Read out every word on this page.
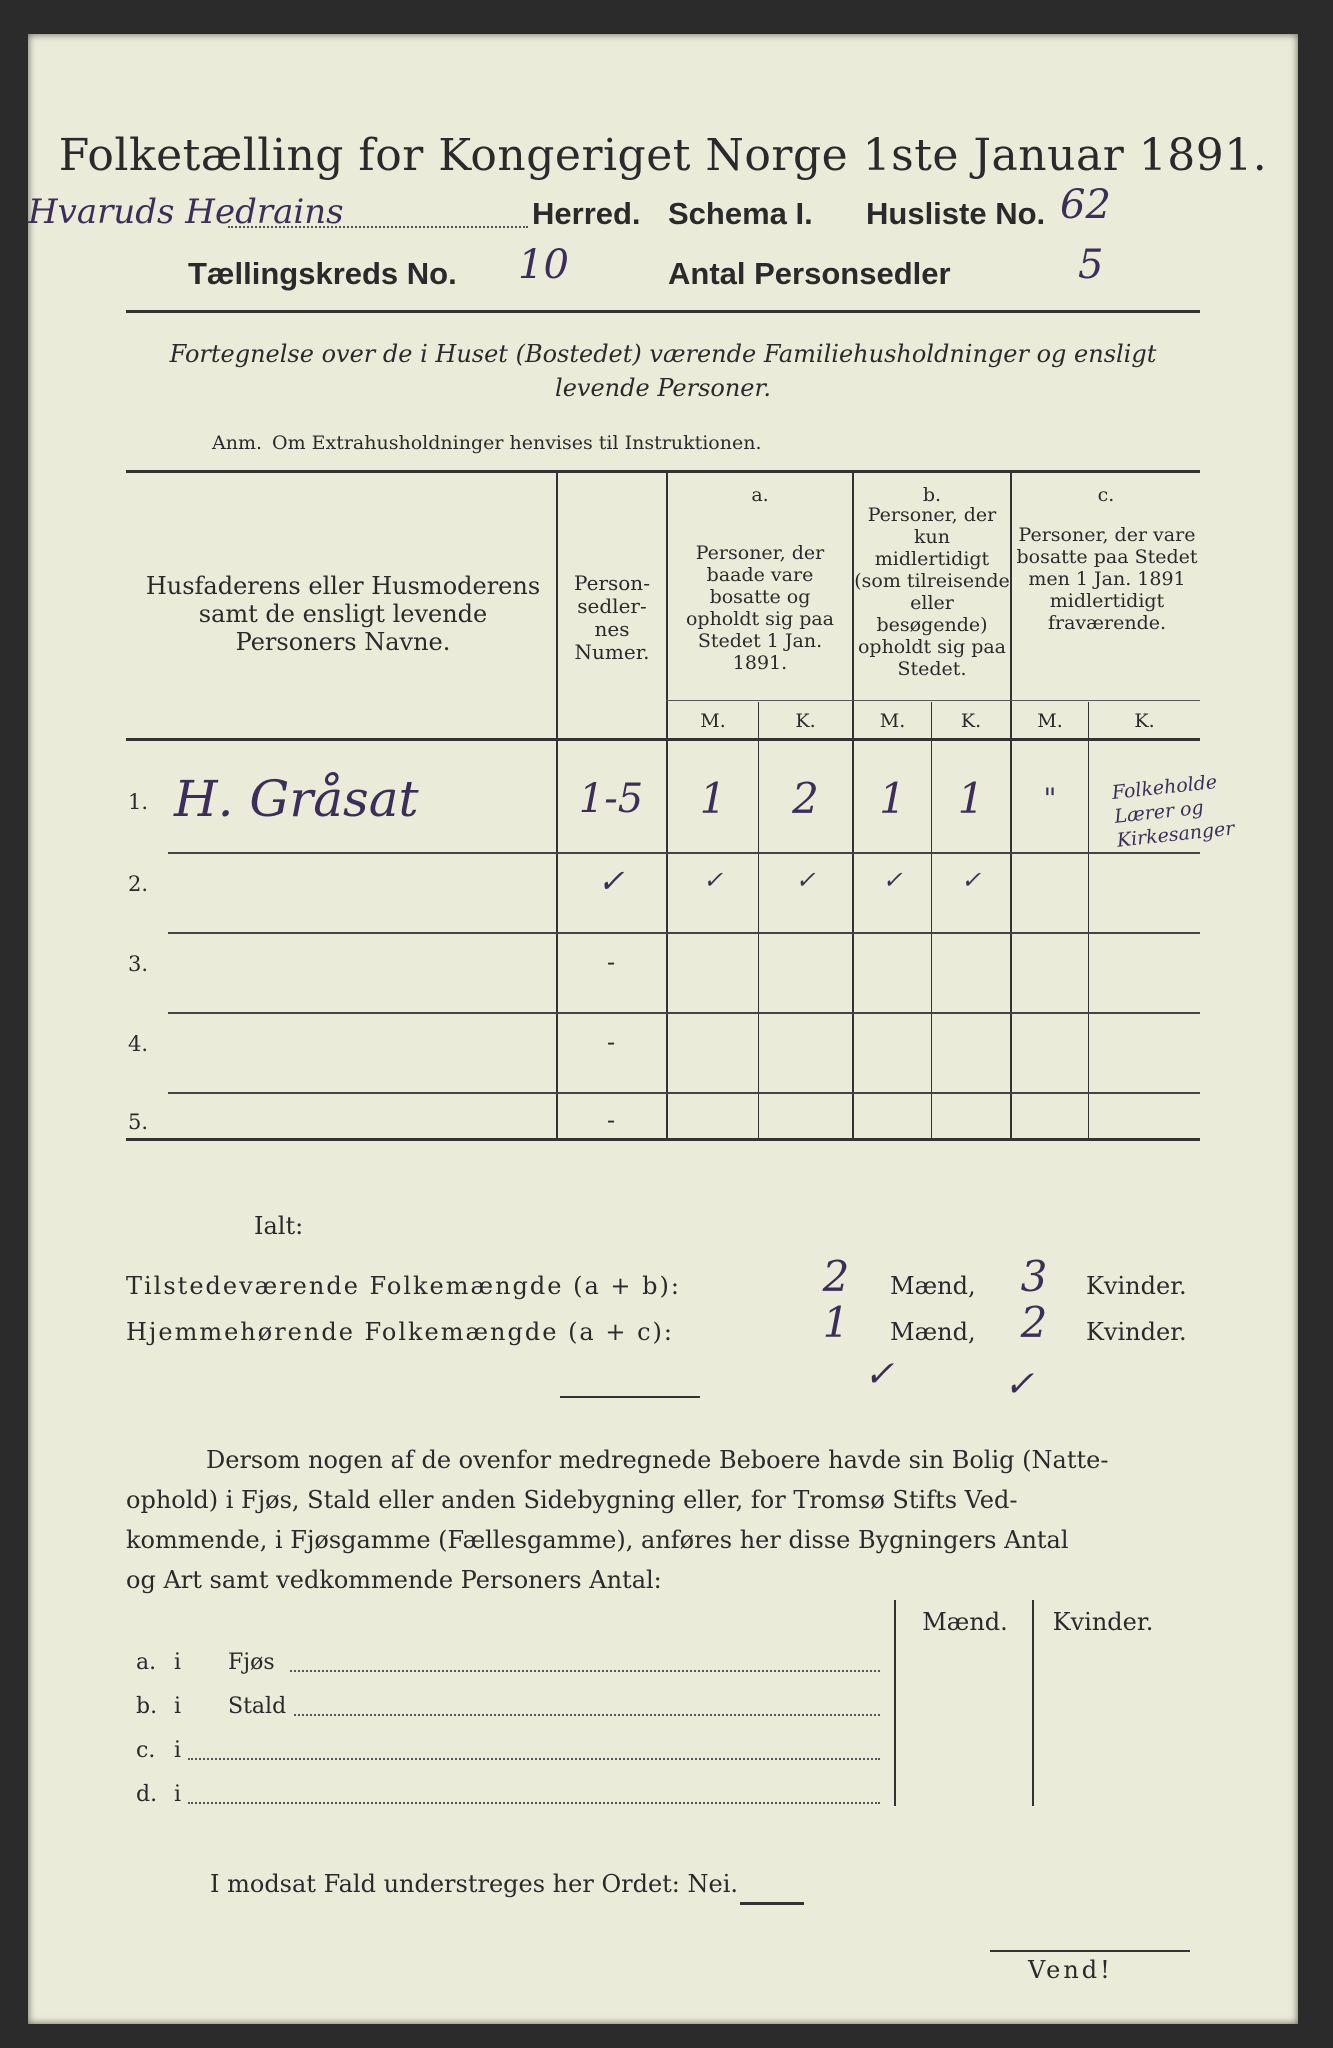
Folketælling for Kongeriget Norge 1ste Januar 1891.
Hvaruds Hedrains	Herred. Schema I. Husliste No. 62
Tællingskreds No. 10	Antal Personsedler	5
Fortegnelse over de i Huset (Bostedet) værende Familiehusholdninger og ensligt
levende Personer.
Anm. Om Extrahusholdninger henvises til Instruktionen.
Husfaderens eller Husmoderens samt de ensligt levende Personers Navne.
Person-sedler-nes Numer.
a.
Personer, der baade vare bosatte og opholdt sig paa Stedet 1 Jan. 1891.
b.
Personer, der kun midlertidigt (som tilreisende eller besøgende) opholdt sig paa Stedet.
c.
Personer, der vare bosatte paa Stedet men 1 Jan. 1891 midlertidigt fraværende.
M.	K.	M.	K.	M.	K.
1. H. Gråsat	1-5	1	2	1	1	"	Folkeholde Lærer og Kirkesanger
2.	✓	✓	✓	✓	✓
3.	-
4.	-
5.	-
Ialt:
Tilstedeværende Folkemængde (a + b):	2	Mænd,	3	Kvinder.
Hjemmehørende Folkemængde (a + c):	1	Mænd,	2	Kvinder.
✓	✓
Dersom nogen af de ovenfor medregnede Beboere havde sin Bolig (Natte-
ophold) i Fjøs, Stald eller anden Sidebygning eller, for Tromsø Stifts Ved-
kommende, i Fjøsgamme (Fællesgamme), anføres her disse Bygningers Antal
og Art samt vedkommende Personers Antal:
Mænd.	Kvinder.
a. i Fjøs
b. i Stald
c. i
d. i
I modsat Fald understreges her Ordet: Nei.
Vend!
